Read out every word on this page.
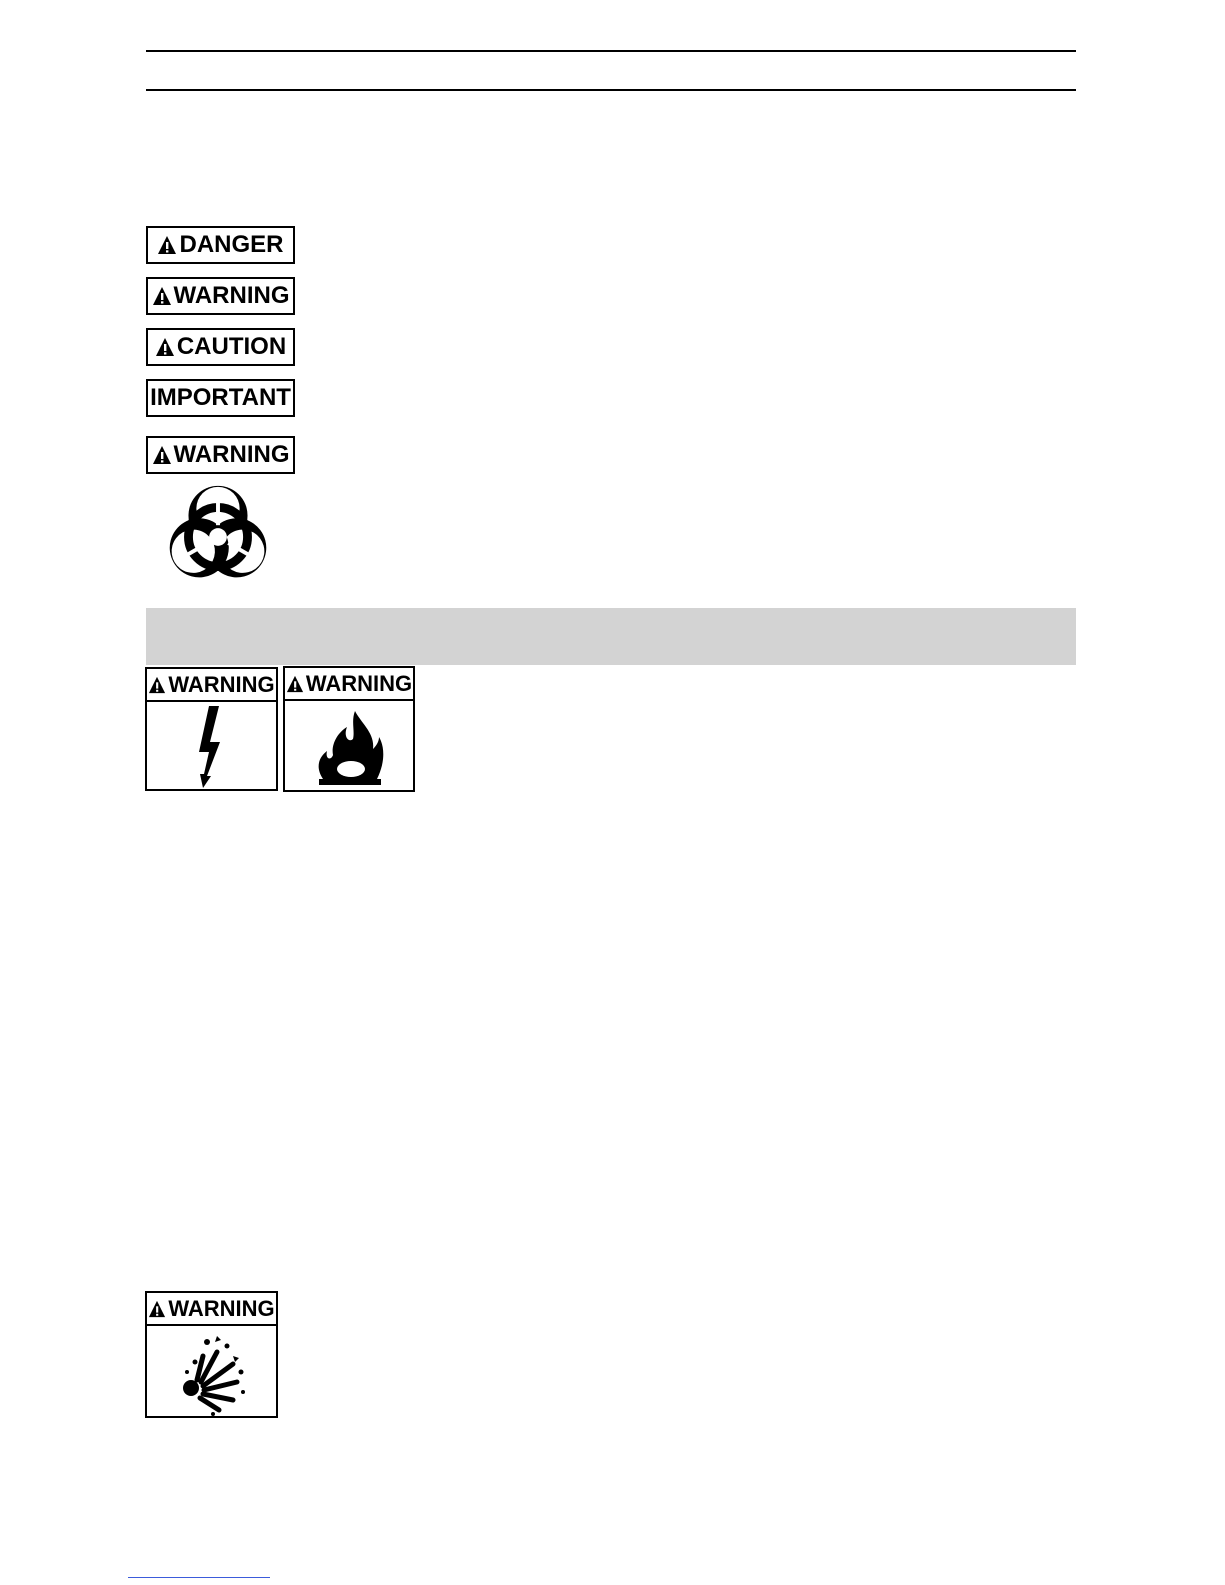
DANGER
WARNING
CAUTION
IMPORTANT
WARNING
WARNING WARNING
WARNING
